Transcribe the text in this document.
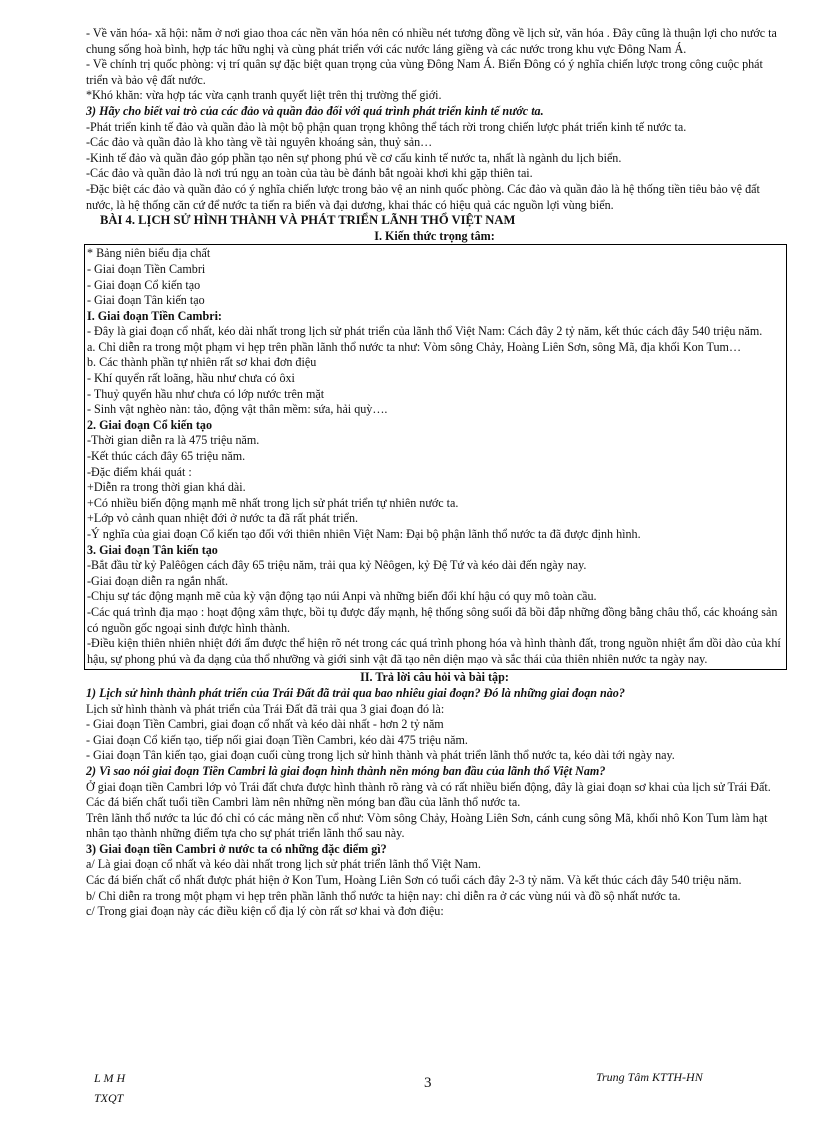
- Về văn hóa- xã hội: nằm ở nơi giao thoa các nền văn hóa nên có nhiều nét tương đồng về lịch sử, văn hóa . Đây cũng là thuận lợi cho nước ta chung sống hoà bình, hợp tác hữu nghị và cùng phát triển với các nước láng giềng và các nước trong khu vực Đông Nam Á.

- Về chính trị quốc phòng: vị trí quân sự đặc biệt quan trọng của vùng Đông Nam Á. Biển Đông có ý nghĩa chiến lược trong công cuộc phát triển và bảo vệ đất nước.

*Khó khăn: vừa hợp tác vừa cạnh tranh quyết liệt trên thị trường thế giới.

3) Hãy cho biết vai trò của các đảo và quần đảo đối với quá trình phát triển kinh tế nước ta.

-Phát triển kinh tế đảo và quần đảo là một bộ phận quan trọng không thể tách rời trong chiến lược phát triển kinh tế nước ta.

-Các đảo và quần đảo là kho tàng về tài nguyên khoáng sản, thuỷ sản…

-Kinh tế đảo và quần đảo góp phần tạo nên sự phong phú về cơ cấu kinh tế nước ta, nhất là ngành du lịch biển.

-Các đảo và quần đảo là nơi trú ngụ an toàn của tàu bè đánh bắt ngoài khơi khi gặp thiên tai.

-Đặc biệt các đảo và quần đảo có ý nghĩa chiến lược trong bảo vệ an ninh quốc phòng. Các đảo và quần đảo là hệ thống tiền tiêu bảo vệ đất nước, là hệ thống căn cứ để nước ta tiến ra biển và đại dương, khai thác có hiệu quả các nguồn lợi vùng biển.

BÀI 4. LỊCH SỬ HÌNH THÀNH VÀ PHÁT TRIỂN LÃNH THỔ VIỆT NAM

I. Kiến thức trọng tâm:

* Bảng niên biểu địa chất

- Giai đoạn Tiền Cambri

- Giai đoạn Cổ kiến tạo

- Giai đoạn Tân kiến tạo

I. Giai đoạn Tiền Cambri:

- Đây là giai đoạn cổ nhất, kéo dài nhất trong lịch sử phát triển của lãnh thổ Việt Nam: Cách đây 2 tỷ năm, kết thúc cách đây 540 triệu năm.

a. Chỉ diễn ra trong một phạm vi hẹp trên phần lãnh thổ nước ta như: Vòm sông Chảy, Hoàng Liên Sơn, sông Mã, địa khối Kon Tum…

b. Các thành phần tự nhiên rất sơ khai đơn điệu

- Khí quyển rất loãng, hầu như chưa có ôxi

- Thuỷ quyển hầu như chưa có lớp nước trên mặt

- Sinh vật nghèo nàn: tảo, động vật thân mềm: sứa, hải quỳ….

2. Giai đoạn Cổ kiến tạo

-Thời gian diễn ra là 475 triệu năm.

-Kết thúc cách đây 65 triệu năm.

-Đặc điểm khái quát :

+Diễn ra trong thời gian khá dài.

+Có nhiều biến động mạnh mẽ nhất trong lịch sử phát triển tự nhiên nước ta.

+Lớp vỏ cảnh quan nhiệt đới ở nước ta đã rất phát triển.

-Ý nghĩa của giai đoạn Cổ kiến tạo đối với thiên nhiên Việt Nam: Đại bộ phận lãnh thổ nước ta đã được định hình.

3. Giai đoạn Tân kiến tạo

-Bắt đầu từ kỷ Palêôgen cách đây 65 triệu năm, trải qua kỷ Nêôgen, kỷ Đệ Tứ và kéo dài đến ngày nay.

-Giai đoạn diễn ra ngắn nhất.

-Chịu sự tác động mạnh mẽ của kỳ vận động tạo núi Anpi và những biến đổi khí hậu có quy mô toàn cầu.

-Các quá trình địa mạo : hoạt động xâm thực, bồi tụ được đẩy mạnh, hệ thống sông suối đã bồi đắp những đồng bằng châu thổ, các khoáng sản có nguồn gốc ngoại sinh được hình thành.

-Điều kiện thiên nhiên nhiệt đới ẩm được thể hiện rõ nét trong các quá trình phong hóa và hình thành đất, trong nguồn nhiệt ẩm dồi dào của khí hậu, sự phong phú và đa dạng của thổ nhưỡng và giới sinh vật đã tạo nên diện mạo và sắc thái của thiên nhiên nước ta ngày nay.

II. Trả lời câu hỏi và bài tập:

1) Lịch sử hình thành phát triển của Trái Đất đã trải qua bao nhiêu giai đoạn? Đó là những giai đoạn nào?

Lịch sử hình thành và phát triển của Trái Đất đã trải qua 3 giai đoạn đó là:

- Giai đoạn Tiền Cambri, giai đoạn cổ nhất và kéo dài nhất - hơn 2 tỷ năm

- Giai đoạn Cổ kiến tạo, tiếp nối giai đoạn Tiền Cambri, kéo dài 475 triệu năm.

- Giai đoạn Tân kiến tạo, giai đoạn cuối cùng trong lịch sử hình thành và phát triển lãnh thổ nước ta, kéo dài tới ngày nay.

2) Vì sao nói giai đoạn Tiền Cambri là giai đoạn hình thành nền móng ban đầu của lãnh thổ Việt Nam?

Ở giai đoạn tiền Cambri lớp vỏ Trái đất chưa được hình thành rõ ràng và có rất nhiều biến động, đây là giai đoạn sơ khai của lịch sử Trái Đất. Các đá biến chất tuổi tiền Cambri làm nên những nền móng ban đầu của lãnh thổ nước ta.

Trên lãnh thổ nước ta lúc đó chỉ có các mảng nền cổ như: Vòm sông Chảy, Hoàng Liên Sơn, cánh cung sông Mã, khối nhô Kon Tum làm hạt nhân tạo thành những điểm tựa cho sự phát triển lãnh thổ sau này.

3) Giai đoạn tiền Cambri ở nước ta có những đặc điểm gì?

a/ Là giai đoạn cổ nhất và kéo dài nhất trong lịch sử phát triển lãnh thổ Việt Nam.

Các đá biến chất cổ nhất được phát hiện ở Kon Tum, Hoàng Liên Sơn có tuổi cách đây 2-3 tỷ năm. Và kết thúc cách đây 540 triệu năm.

b/ Chỉ diễn ra trong một phạm vi hẹp trên phần lãnh thổ nước ta hiện nay: chỉ diễn ra ở các vùng núi và đồ sộ nhất nước ta.

c/ Trong giai đoạn này các điều kiện cổ địa lý còn rất sơ khai và đơn điệu:

L M H
TXQT
3	Trung Tâm KTTH-HN
